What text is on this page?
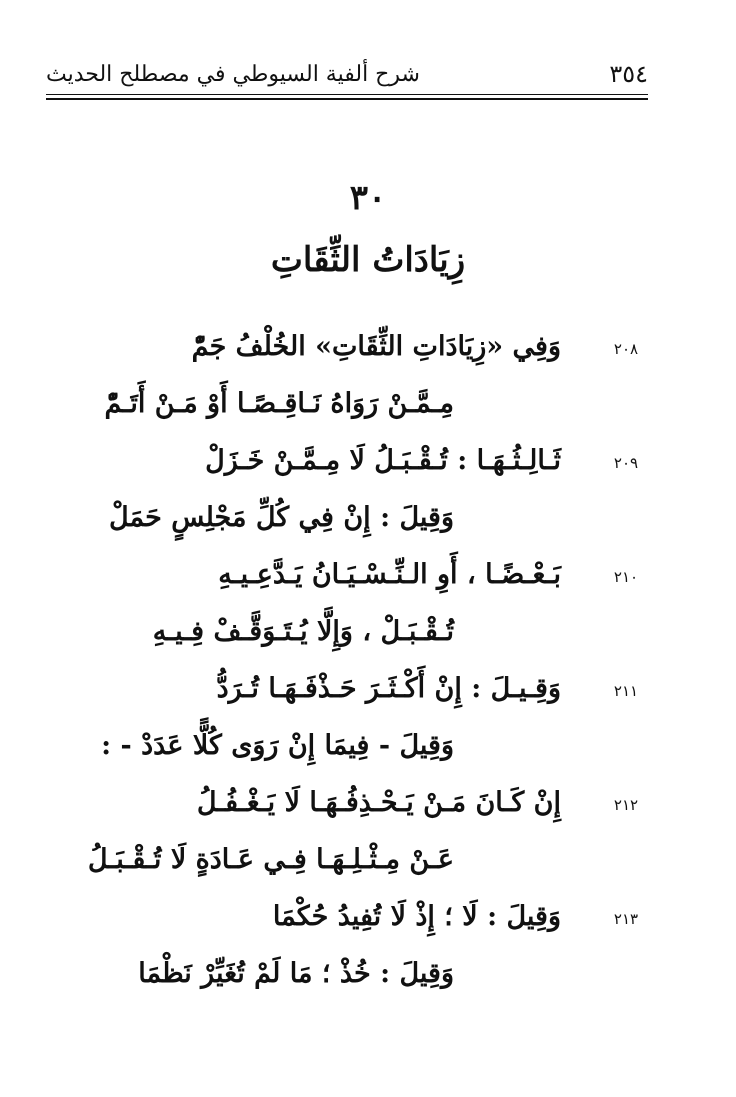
٣٥٤
شرح ألفية السيوطي في مصطلح الحديث
٣٠
زِيَادَاتُ الثِّقَاتِ
٢٠٨
وَفِي «زِيَادَاتِ الثِّقَاتِ» الخُلْفُ جَمّْ
مِـمَّـنْ رَوَاهُ نَـاقِـصًـا أَوْ مَـنْ أَتَـمّْ
٢٠٩
ثَـالِـثُـهَـا : تُـقْـبَـلُ لَا مِـمَّـنْ خَـزَلْ
وَقِيلَ : إِنْ فِي كُلِّ مَجْلِسٍ حَمَلْ
٢١٠
بَـعْـضًـا ، أَوِ الـنِّـسْـيَـانُ يَـدَّعِـيـهِ
تُـقْـبَـلْ ، وَإِلَّا يُـتَـوَقَّـفْ فِـيـهِ
٢١١
وَقِـيـلَ : إِنْ أَكْـثَـرَ حَـذْفَـهَـا تُـرَدُّ
وَقِيلَ - فِيمَا إِنْ رَوَى كُلًّا عَدَدْ - :
٢١٢
إِنْ كَـانَ مَـنْ يَـحْـذِفُـهَـا لَا يَـغْـفُـلُ
عَـنْ مِـثْـلِـهَـا فِـي عَـادَةٍ لَا تُـقْـبَـلُ
٢١٣
وَقِيلَ : لَا ؛ إِذْ لَا تُفِيدُ حُكْمَا
وَقِيلَ : خُذْ ؛ مَا لَمْ تُغَيِّرْ نَظْمَا
